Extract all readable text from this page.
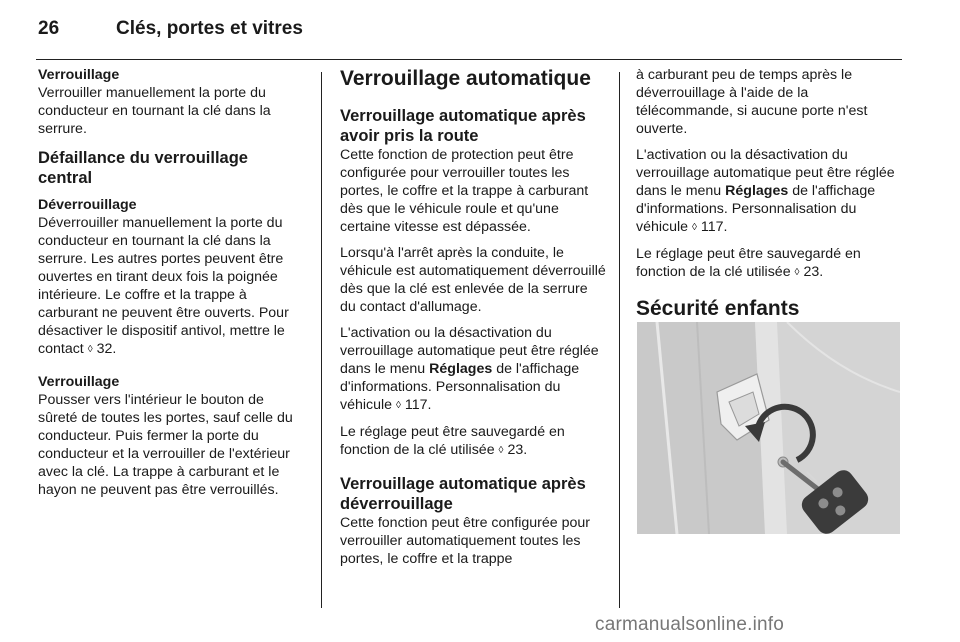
26	Clés, portes et vitres

Verrouillage
Verrouiller manuellement la porte du conducteur en tournant la clé dans la serrure.

Défaillance du verrouillage central

Déverrouillage
Déverrouiller manuellement la porte du conducteur en tournant la clé dans la serrure. Les autres portes peuvent être ouvertes en tirant deux fois la poignée intérieure. Le coffre et la trappe à carburant ne peuvent être ouverts. Pour désactiver le dispositif antivol, mettre le contact ◊ 32.

Verrouillage
Pousser vers l'intérieur le bouton de sûreté de toutes les portes, sauf celle du conducteur. Puis fermer la porte du conducteur et la verrouiller de l'extérieur avec la clé. La trappe à carburant et le hayon ne peuvent pas être verrouillés.

Verrouillage automatique
Verrouillage automatique après avoir pris la route

Cette fonction de protection peut être configurée pour verrouiller toutes les portes, le coffre et la trappe à carburant dès que le véhicule roule et qu'une certaine vitesse est dépassée.

Lorsqu'à l'arrêt après la conduite, le véhicule est automatiquement déverrouillé dès que la clé est enlevée de la serrure du contact d'allumage.

L'activation ou la désactivation du verrouillage automatique peut être réglée dans le menu Réglages de l'affichage d'informations. Personnalisation du véhicule ◊ 117.

Le réglage peut être sauvegardé en fonction de la clé utilisée ◊ 23.

Verrouillage automatique après déverrouillage

Cette fonction peut être configurée pour verrouiller automatiquement toutes les portes, le coffre et la trappe

à carburant peu de temps après le déverrouillage à l'aide de la télécommande, si aucune porte n'est ouverte.

L'activation ou la désactivation du verrouillage automatique peut être réglée dans le menu Réglages de l'affichage d'informations. Personnalisation du véhicule ◊ 117.

Le réglage peut être sauvegardé en fonction de la clé utilisée ◊ 23.

Sécurité enfants
carmanualsonline.info
